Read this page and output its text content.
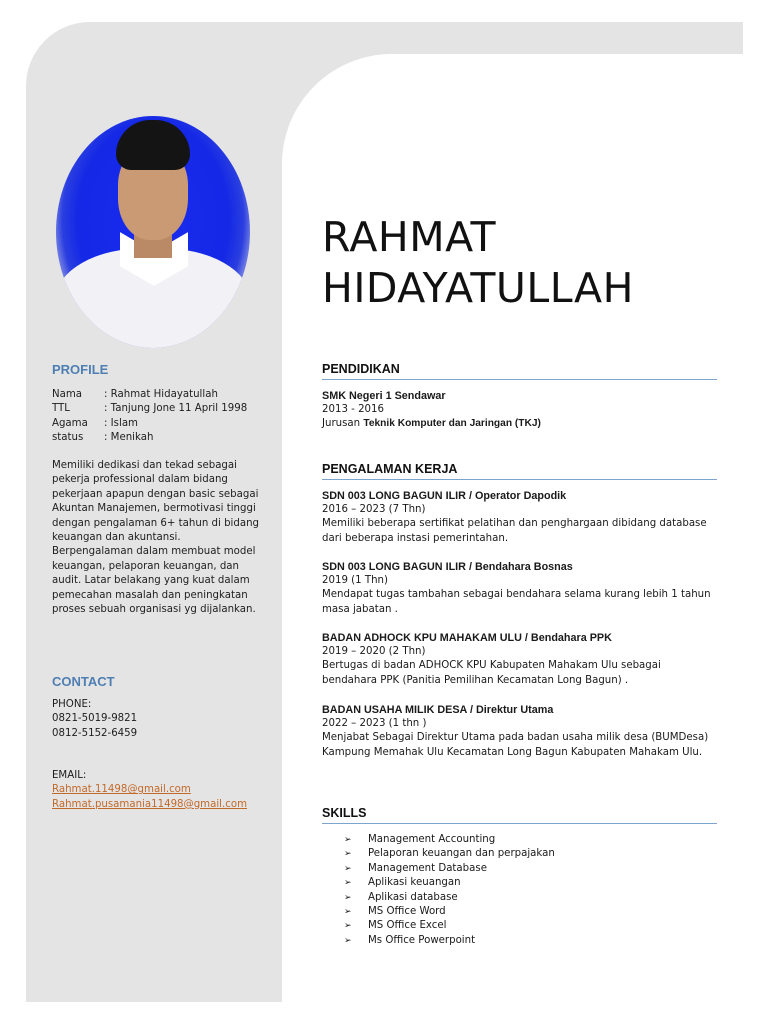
PROFILE
Nama	: Rahmat Hidayatullah
TTL	: Tanjung Jone 11 April 1998
Agama	: Islam
status	: Menikah

Memiliki dedikasi dan tekad sebagai pekerja professional dalam bidang pekerjaan apapun dengan basic sebagai Akuntan Manajemen, bermotivasi tinggi dengan pengalaman 6+ tahun di bidang keuangan dan akuntansi. Berpengalaman dalam membuat model keuangan, pelaporan keuangan, dan audit. Latar belakang yang kuat dalam pemecahan masalah dan peningkatan proses sebuah organisasi yg dijalankan.

CONTACT
PHONE:
0821-5019-9821
0812-5152-6459
EMAIL:
Rahmat.11498@gmail.com
Rahmat.pusamania11498@gmail.com
RAHMAT
HIDAYATULLAH
PENDIDIKAN
SMK Negeri 1 Sendawar
2013 - 2016
Jurusan Teknik Komputer dan Jaringan (TKJ)
PENGALAMAN KERJA
SDN 003 LONG BAGUN ILIR / Operator Dapodik
2016 – 2023 (7 Thn)
Memiliki beberapa sertifikat pelatihan dan penghargaan dibidang database dari beberapa instasi pemerintahan.
SDN 003 LONG BAGUN ILIR / Bendahara Bosnas
2019 (1 Thn)
Mendapat tugas tambahan sebagai bendahara selama kurang lebih 1 tahun masa jabatan .
BADAN ADHOCK KPU MAHAKAM ULU / Bendahara PPK
2019 – 2020 (2 Thn)
Bertugas di badan ADHOCK KPU Kabupaten Mahakam Ulu sebagai bendahara PPK (Panitia Pemilihan Kecamatan Long Bagun) .
BADAN USAHA MILIK DESA / Direktur Utama
2022 – 2023 (1 thn )
Menjabat Sebagai Direktur Utama pada badan usaha milik desa (BUMDesa) Kampung Memahak Ulu Kecamatan Long Bagun Kabupaten Mahakam Ulu.
SKILLS
➢	Management Accounting
➢	Pelaporan keuangan dan perpajakan
➢	Management Database
➢	Aplikasi keuangan
➢	Aplikasi database
➢	MS Office Word
➢	MS Office Excel
➢	Ms Office Powerpoint
